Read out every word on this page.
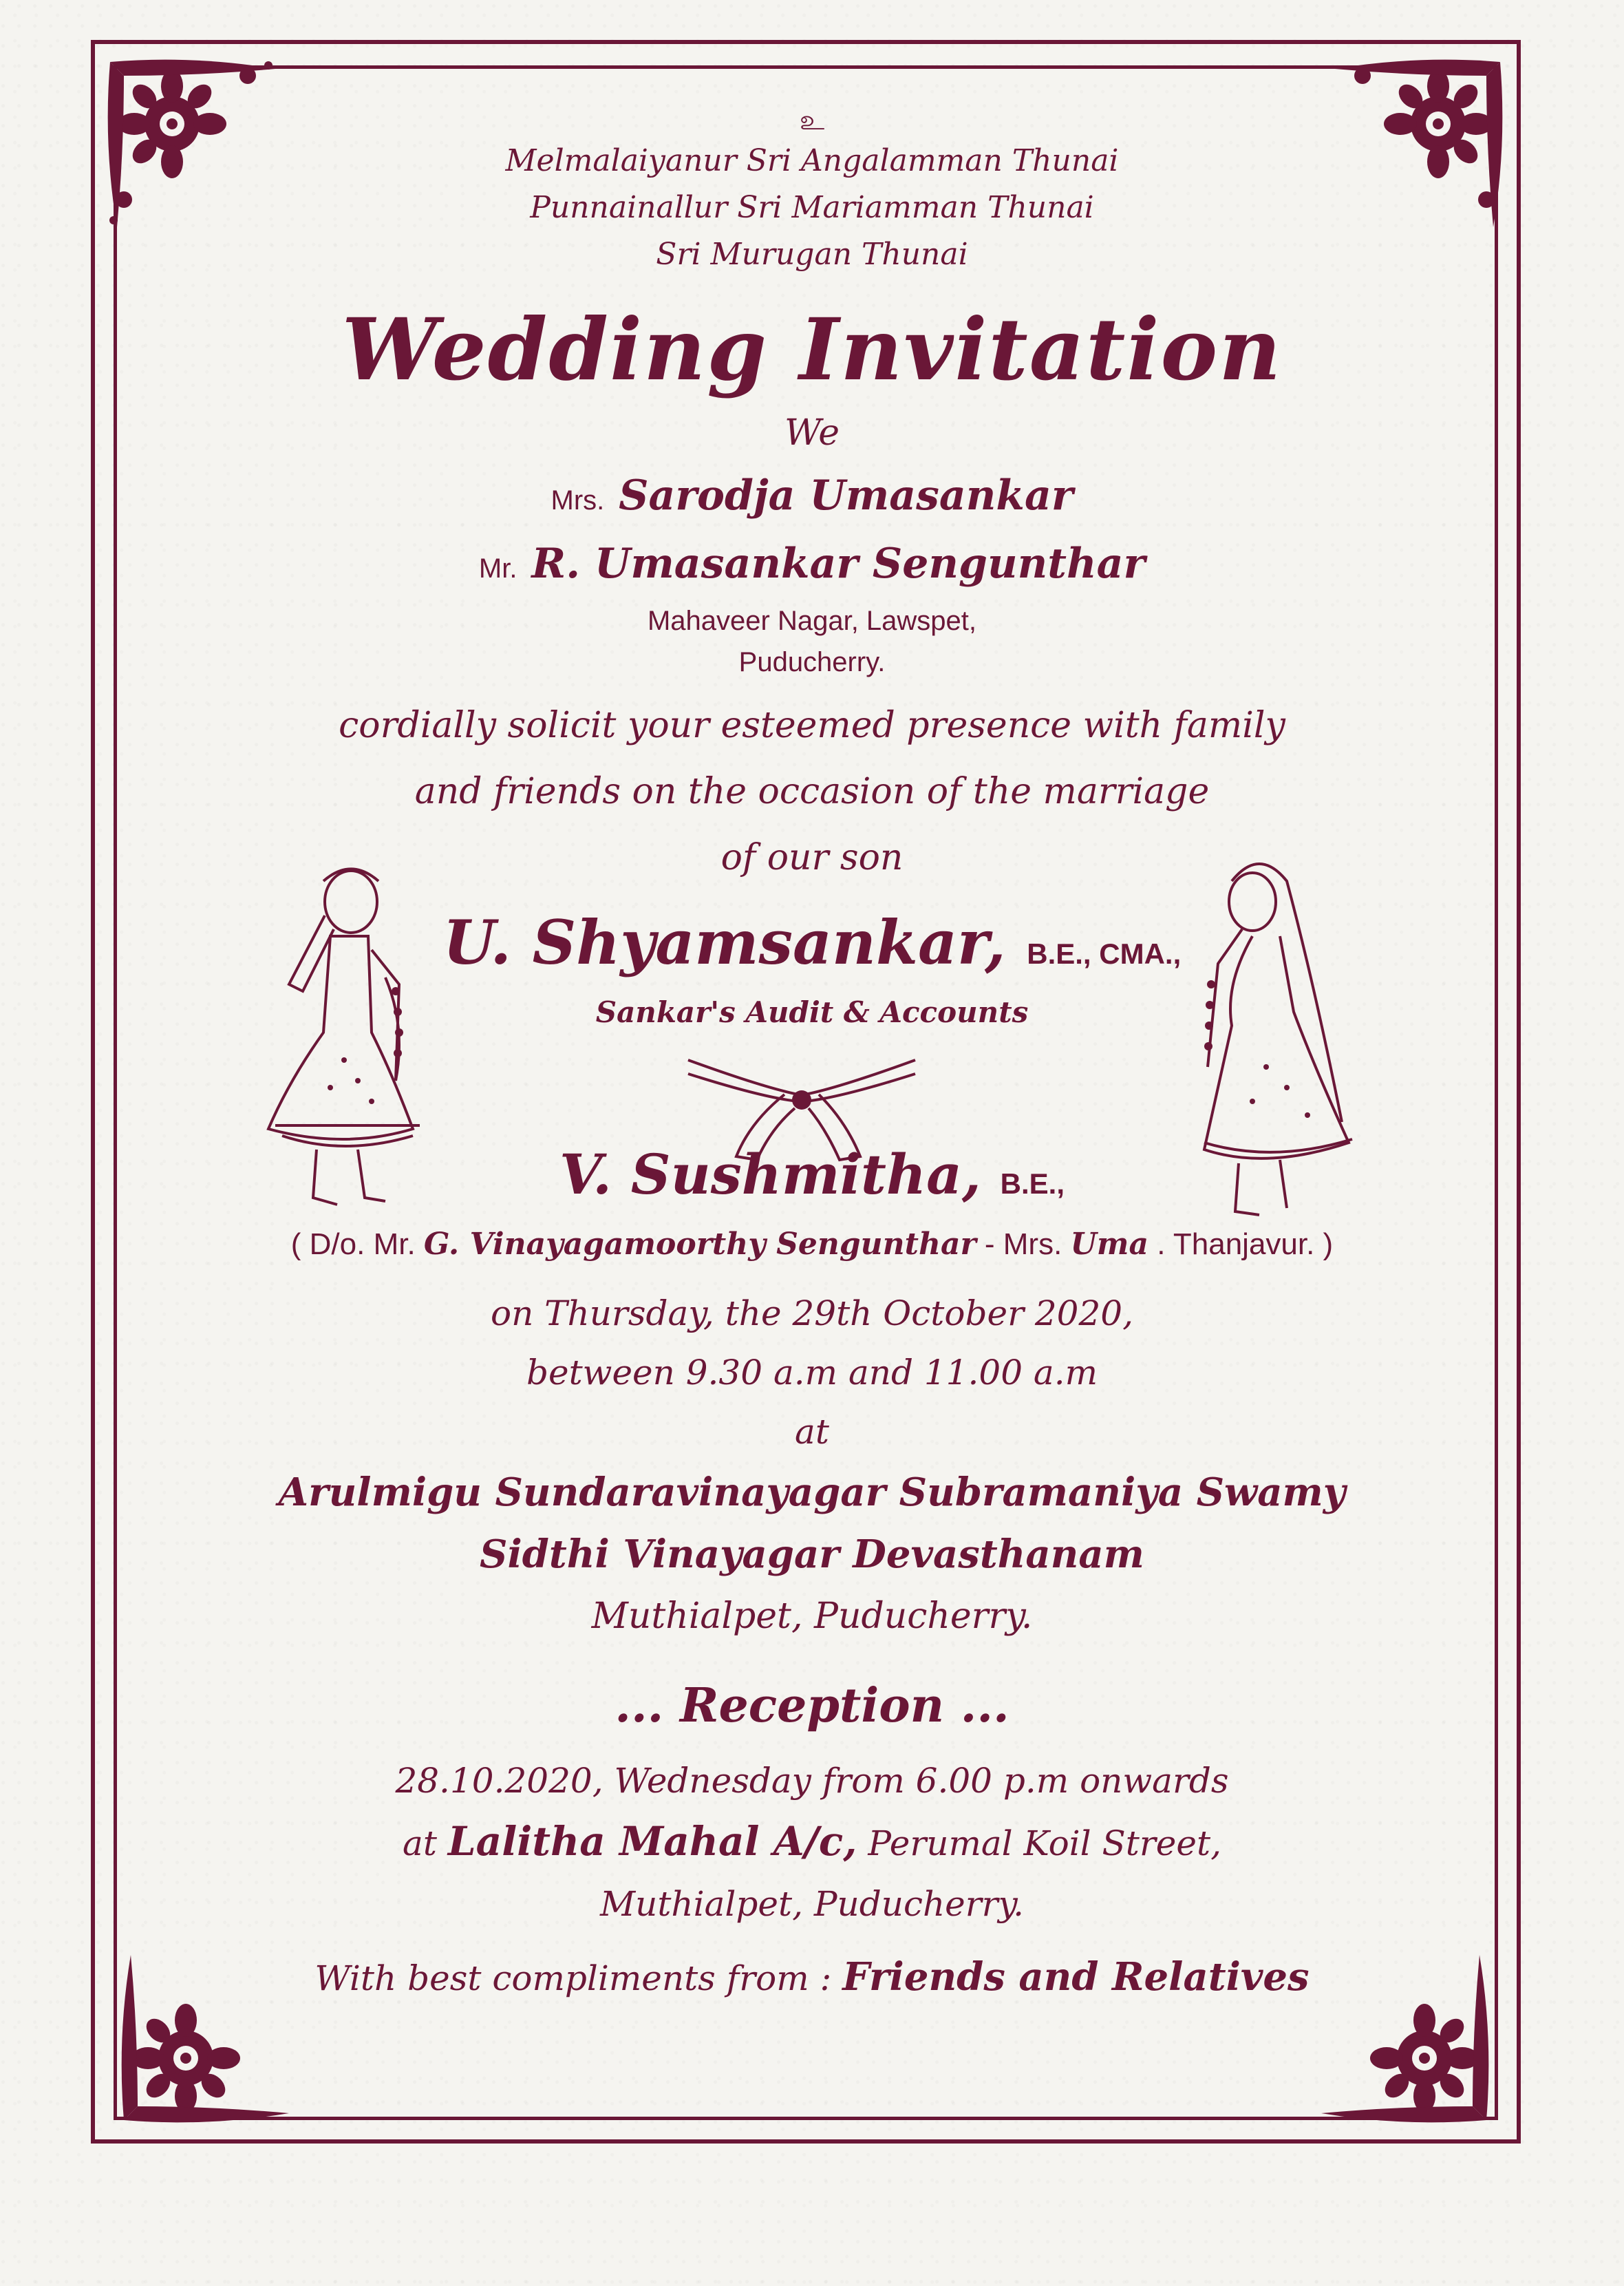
உ
Melmalaiyanur Sri Angalamman Thunai
Punnainallur Sri Mariamman Thunai
Sri Murugan Thunai
Wedding Invitation
We
Mrs. Sarodja Umasankar
Mr. R. Umasankar Sengunthar
Mahaveer Nagar, Lawspet,
Puducherry.
cordially solicit your esteemed presence with family
and friends on the occasion of the marriage
of our son
U. Shyamsankar, B.E., CMA.,
Sankar's Audit & Accounts
V. Sushmitha, B.E.,
( D/o. Mr. G. Vinayagamoorthy Sengunthar - Mrs. Uma . Thanjavur. )
on Thursday, the 29th October 2020,
between 9.30 a.m and 11.00 a.m
at
Arulmigu Sundaravinayagar Subramaniya Swamy
Sidthi Vinayagar Devasthanam
Muthialpet, Puducherry.
... Reception ...
28.10.2020, Wednesday from 6.00 p.m onwards
at Lalitha Mahal A/c, Perumal Koil Street,
Muthialpet, Puducherry.
With best compliments from : Friends and Relatives
